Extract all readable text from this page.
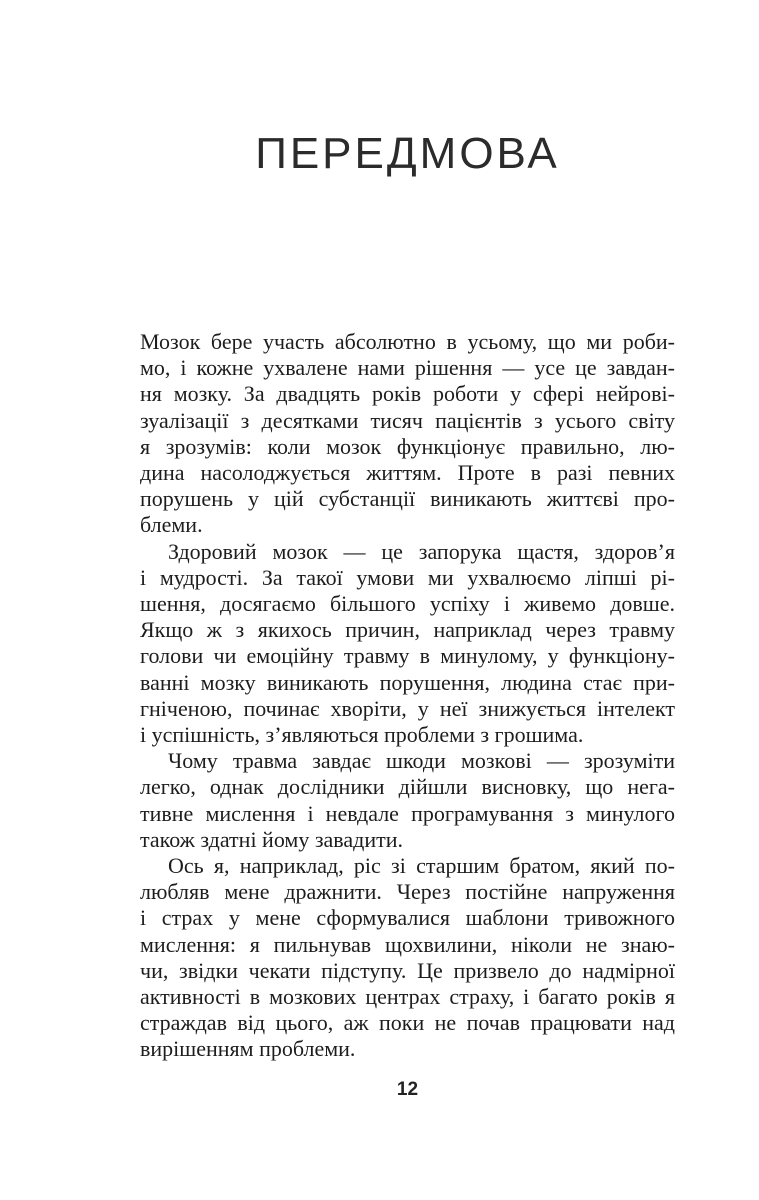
ПЕРЕДМОВА
Мозок бере участь абсолютно в усьому, що ми роби-
мо, і кожне ухвалене нами рішення — усе це завдан-
ня мозку. За двадцять років роботи у сфері нейрові-
зуалізації з десятками тисяч пацієнтів з усього світу
я зрозумів: коли мозок функціонує правильно, лю-
дина насолоджується життям. Проте в разі певних
порушень у цій субстанції виникають життєві про-
блеми.
Здоровий мозок — це запорука щастя, здоров’я
і мудрості. За такої умови ми ухвалюємо ліпші рі-
шення, досягаємо більшого успіху і живемо довше.
Якщо ж з якихось причин, наприклад через травму
голови чи емоційну травму в минулому, у функціону-
ванні мозку виникають порушення, людина стає при-
гніченою, починає хворіти, у неї знижується інтелект
і успішність, з’являються проблеми з грошима.
Чому травма завдає шкоди мозкові — зрозуміти
легко, однак дослідники дійшли висновку, що нега-
тивне мислення і невдале програмування з минулого
також здатні йому завадити.
Ось я, наприклад, ріс зі старшим братом, який по-
любляв мене дражнити. Через постійне напруження
і страх у мене сформувалися шаблони тривожного
мислення: я пильнував щохвилини, ніколи не знаю-
чи, звідки чекати підступу. Це призвело до надмірної
активності в мозкових центрах страху, і багато років я
страждав від цього, аж поки не почав працювати над
вирішенням проблеми.
12
